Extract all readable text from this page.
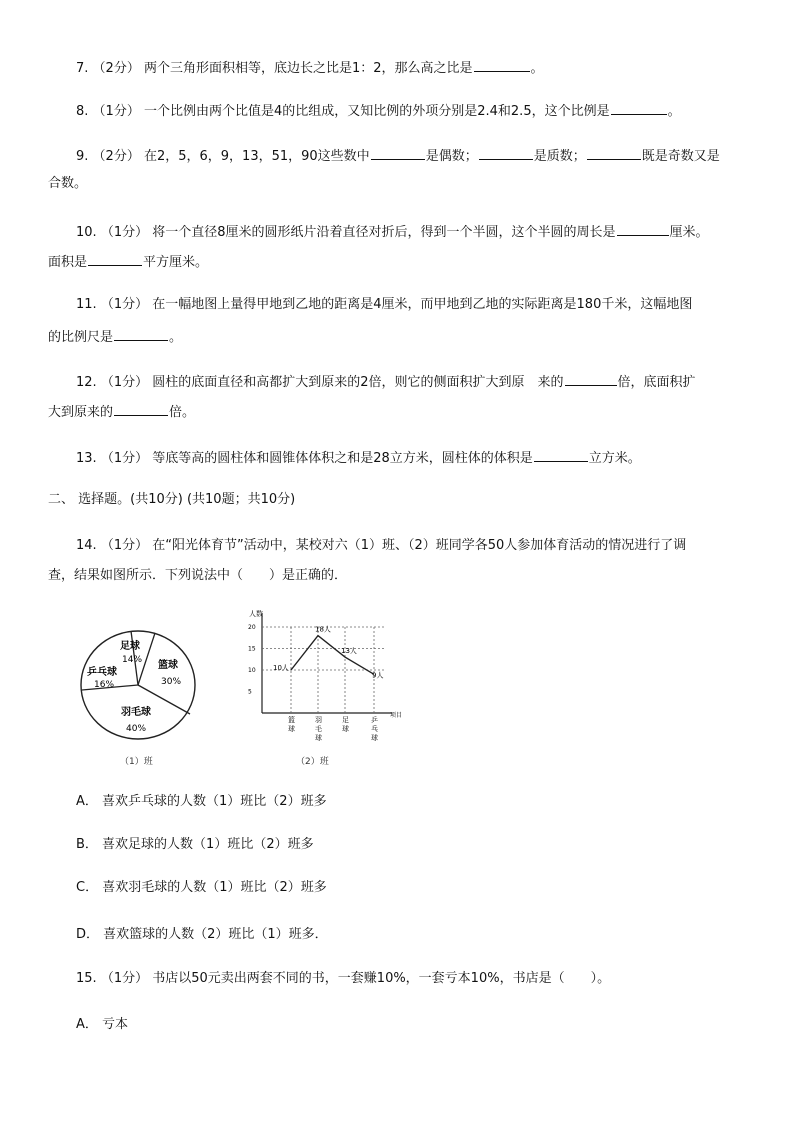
7. （2分） 两个三角形面积相等，底边长之比是1：2，那么高之比是	。
8. （1分） 一个比例由两个比值是4的比组成，又知比例的外项分别是2.4和2.5，这个比例是	。
9. （2分） 在2，5，6，9，13，51，90这些数中	是偶数；	是质数；	既是奇数又是
合数。
10. （1分） 将一个直径8厘米的圆形纸片沿着直径对折后，得到一个半圆，这个半圆的周长是	厘米。
面积是	平方厘米。
11. （1分） 在一幅地图上量得甲地到乙地的距离是4厘米，而甲地到乙地的实际距离是180千米，这幅地图
的比例尺是	。
12. （1分） 圆柱的底面直径和高都扩大到原来的2倍，则它的侧面积扩大到原　来的	倍，底面积扩
大到原来的	倍。
13. （1分） 等底等高的圆柱体和圆锥体体积之和是28立方米，圆柱体的体积是	立方米。
二、 选择题。(共10分) (共10题；共10分)
14. （1分） 在“阳光体育节”活动中，某校对六（1）班、（2）班同学各50人参加体育活动的情况进行了调
查，结果如图所示．下列说法中（　　）是正确的．
足球
14% 篮球
30%
羽毛球
40%
乒乓球
16%
（1）班
人数
项目
20
15
10
5
篮
球
羽
毛
球
足
球
乒
乓
球
10人
18人
13人
9人
（2）班
A． 喜欢乒乓球的人数（1）班比（2）班多
B． 喜欢足球的人数（1）班比（2）班多
C． 喜欢羽毛球的人数（1）班比（2）班多
D． 喜欢篮球的人数（2）班比（1）班多．
15. （1分） 书店以50元卖出两套不同的书，一套赚10%，一套亏本10%，书店是（　　）。
A． 亏本
